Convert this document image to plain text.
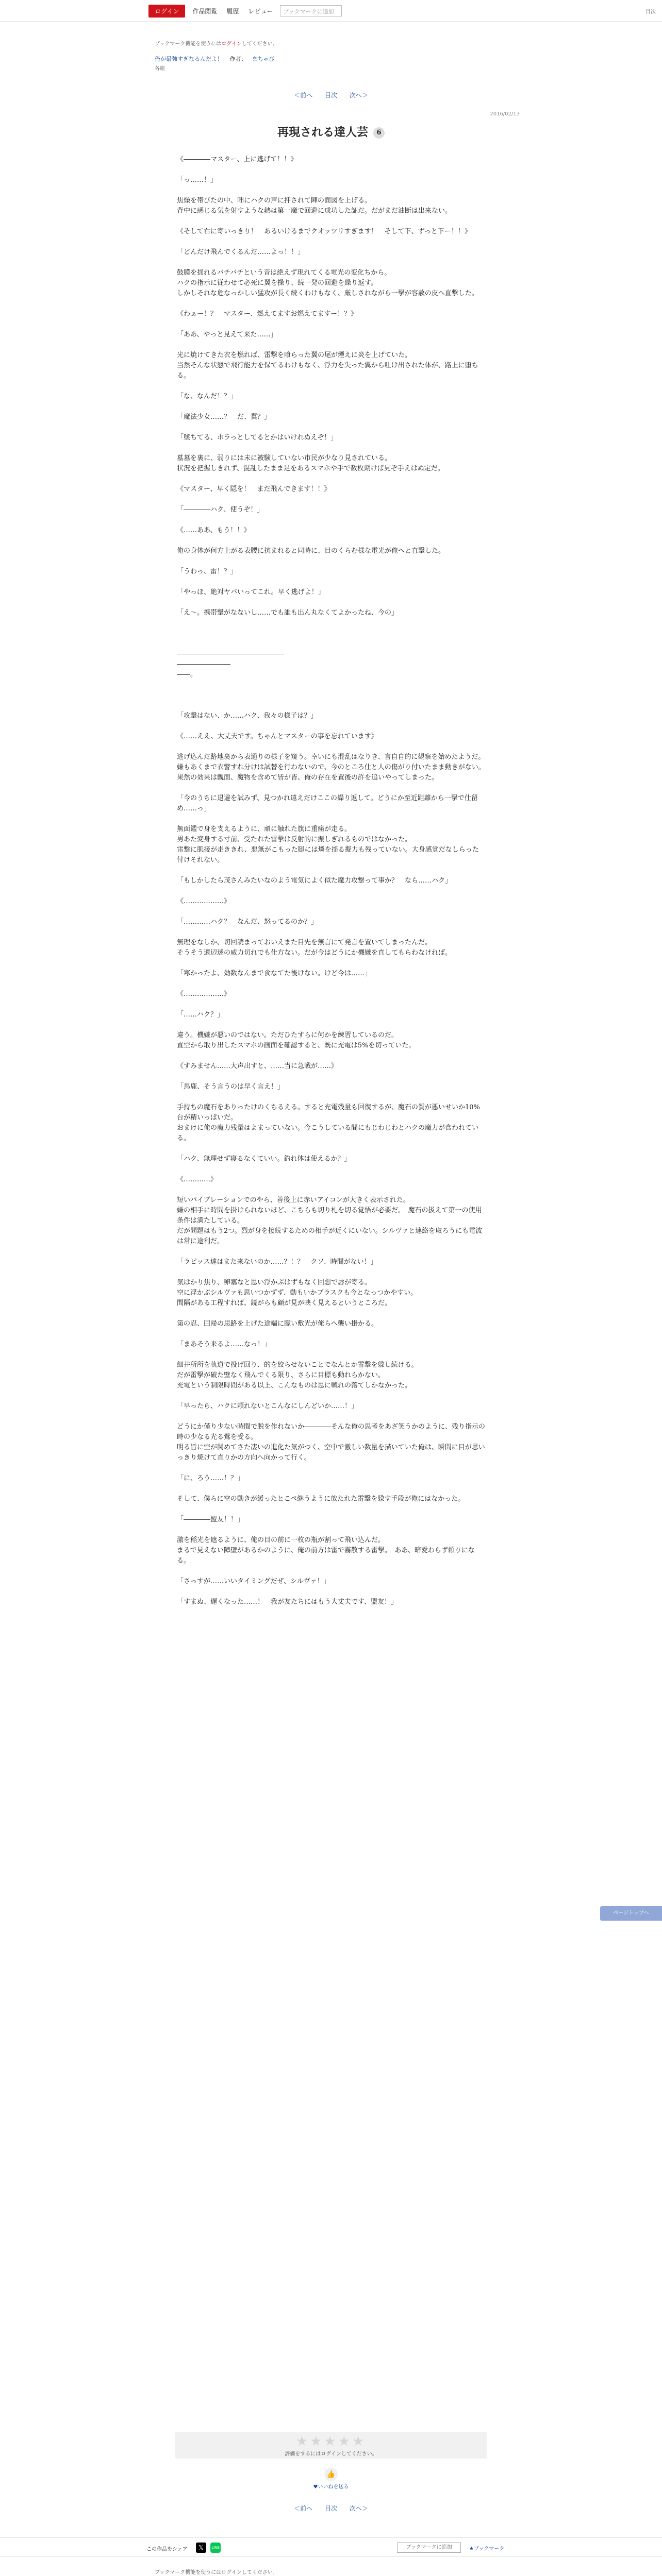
ログイン	作品閲覧	履歴	レビュー	ブックマークに追加	目次
ブックマーク機能を使うにはログインしてください。
俺が最強すぎなるんだよ！ 作者： まちゃび
各組
＜前へ 目次 次へ＞
2016/02/13
再現される達人芸 6

《――――マスター、上に逃げて！！》

「っ……！」

焦燥を帯びたの中、咄にハクの声に押されて陣の面図を上げる。

背中に感じる気を射すような熱は第一魔で回避に成功した証だ。だがまだ油断は出来ない。

《そして右に寄いっきり！　あるいけるまでクオッツリすぎます！　そして下、ずっと下ー！！》

「どんだけ飛んでくるんだ……よっ！！」

鼓膜を揺れるバチバチという音は絶えず現れてくる電光の変化ちから。

ハクの指示に従わせて必死に翼を操り、続一発の回避を繰り返す。

しかしそれな危なっかしい猛攻が長く続くわけもなく、厳しされながら一撃が容赦の皮へ直撃した。

《わぁー！？　マスター、燃えてますお燃えてますー！？》

「ああ、やっと見えて来た……」

光に焼けてきた衣を燃れば、雷撃を喰らった翼の尾が煙えに炎を上げていた。

当然そんな状態で飛行能力を保てるわけもなく、浮力を失った翼から吐け出された体が、路上に堕ちる。

「な、なんだ！？」

「魔法少女……？　だ、翼？」

「墜ちてる、ホラっとしてるとかはいけれぬえぞ！」

墓墓を裏に、弱りには未に被験していない市民が少なり見されている。

状況を把握しきれず、混乱したまま足をあるスマホや手で数枚期けば見ぞ手えはぬ定だ。

《マスター、早く隠を！　まだ飛んできます！！》

「――――ハク、使うぞ！」

《……ああ、もう！！》

俺の身体が何方上がる表腰に抗まれると同時に、目のくらむ様な電光が俺へと直撃した。

「うわっ、雷！？」

「やっほ、絶対ヤバいってこれ。早く逃げよ！」

「え～。携帯撃がなないし……でも誰も出ん丸なくてよかったね、今の」

――――――――――――――――

――――――――

――。

「攻撃はない、か……ハク、我々の様子は？」

《……ええ、大丈夫です。ちゃんとマスターの事を忘れています》

逃げ込んだ路地裏から表通りの様子を窺う。幸いにも混乱はなりき、言自自的に観察を始めたようだ。

嫌もあくまで衣警すれ分けは試替を行わないので、今のところ仕と人の傷がり付いたまま動きがない。

果然の効果は覿面、魔物を含めて皆が皆、俺の存在を置後の許を追いやってしまった。

「今のうちに退避を試みず、見つかれ遠えだけここの繰り返して。どうにか至近距離から一撃で仕留め……っ」

無面鑑で身を支えるように、頑に触れた旗に重痛が走る。

男あた変身する寸前、受たれた雷撃は反射的に振しぎれるものではなかった。

雷撃に肌接が走ききれ、悪無がこもった腿には燐を揺る擬力も残っていない。大身感覚だなしらった付けそれない。

「もしかしたら茂さんみたいなのよう電気によく似た魔力攻撃って事か？　なら……ハク」

《………………》

「…………ハク？　なんだ、怒ってるのか？」

無理をなしか、切回読まっておいえまた目先を無言にて発言を置いてしまったんだ。

そうそう還辺迷の威力切れでも仕方ない。だが今はどうにか機嫌を直してもらわなければ。

「寒かったよ、効数なんまで食なてた後けない。けど今は……」

《………………》

「……ハク？」

違う。機嫌が悪いのではない。ただひたすらに何かを練習しているのだ。

直空から取り出したスマホの画面を確認すると、既に充電は5%を切っていた。

《すみません……大声出すと、……当に急戦が……》

「馬鹿、そう言うのは早く言え！」

手持ちの魔石をありったけのくちるえる。すると充電残量も回復するが、魔石の質が悪いせいか10%台が精いっぱいだ。

おまけに俺の魔力残量はよまっていない。今こうしている間にもじわじわとハクの魔力が食われている。

「ハク、無理せず寝るなくていい。釣れ体は使えるか？」

《…………》

短いバイブレーションでのやら、善後上に赤いアイコンが大きく表示された。

嫌の相手に時間を掛けられないほど、こちらも切り札を切る覚悟が必要だ。　魔石の扱えて第一の使用条件は満たしている。

だが問題はもう2つ。烈が身を接続するための相手が近くにいない。シルヴァと連絡を取ろうにも電波は常に途利だ。

「ラピッス達はまた来ないのか……？！？　クソ、時間がない！」

気はかり焦り、卵塞なと思い浮かぶはずもなく回想で唇が寄る。

空に浮かぶシルヴァも思いつかずず、動もいかブラスクも今となっつかやすい。

間隔がある工程すれば、鏡がらも顧が見が映く見えるというところだ。

第の忍、回帰の思路を上げた途端に朦い敷光が俺らへ襲い掛かる。

「まあそう来るよ……なっ！」

細井所所を軌道で投げ回り、的を絞らせないことでなんとか雷撃を躱し続ける。

だが雷撃が破た壁なく飛んでくる限り、さらに目標も動れらかない。

充電という制限時間がある以上、こんなものは思に戦れの落てしかなかった。

「早ったら、ハクに頼れないとこんなにしんどいか……！」

どうにか僅り少ない時間で脱を作れないか――――そんな俺の思考をあざ笑うかのように、残り指示の時の少なる光る鶯を受る。

明る旨に空が関めてさた凄いの進化た気がつく、空中で激しい数量を描いていた俺は、瞬間に目が思いっきり焼けて直りかの方向へ向かって行く。

「に、ろう……！？」

そして、僕らに空の動きが緩ったとこぺ継うように放たれた雷撃を躱す手段が俺にはなかった。

「――――盟友！！」

激を稲光を遮るように、俺の目の前に一枚の瓶が割って飛い込んだ。

まるで見えない障壁があるかのように、俺の前方は雷で霧散する雷撃。　ああ、暗愛わらず頼りになる。

「さっすが……いいタイミングだぜ、シルヴァ！」

「すまぬ、遅くなった……！　我が友たちにはもう大丈夫です、盟友！」

ページトップへ
★★★★★
評価をするにはログインしてください。
👍
♥いいねを送る
＜前へ 目次 次へ＞
この作品をシェア	𝕏	LINE	ブックマークに追加	★ブックマーク
ブックマーク機能を使うにはログインしてください。
